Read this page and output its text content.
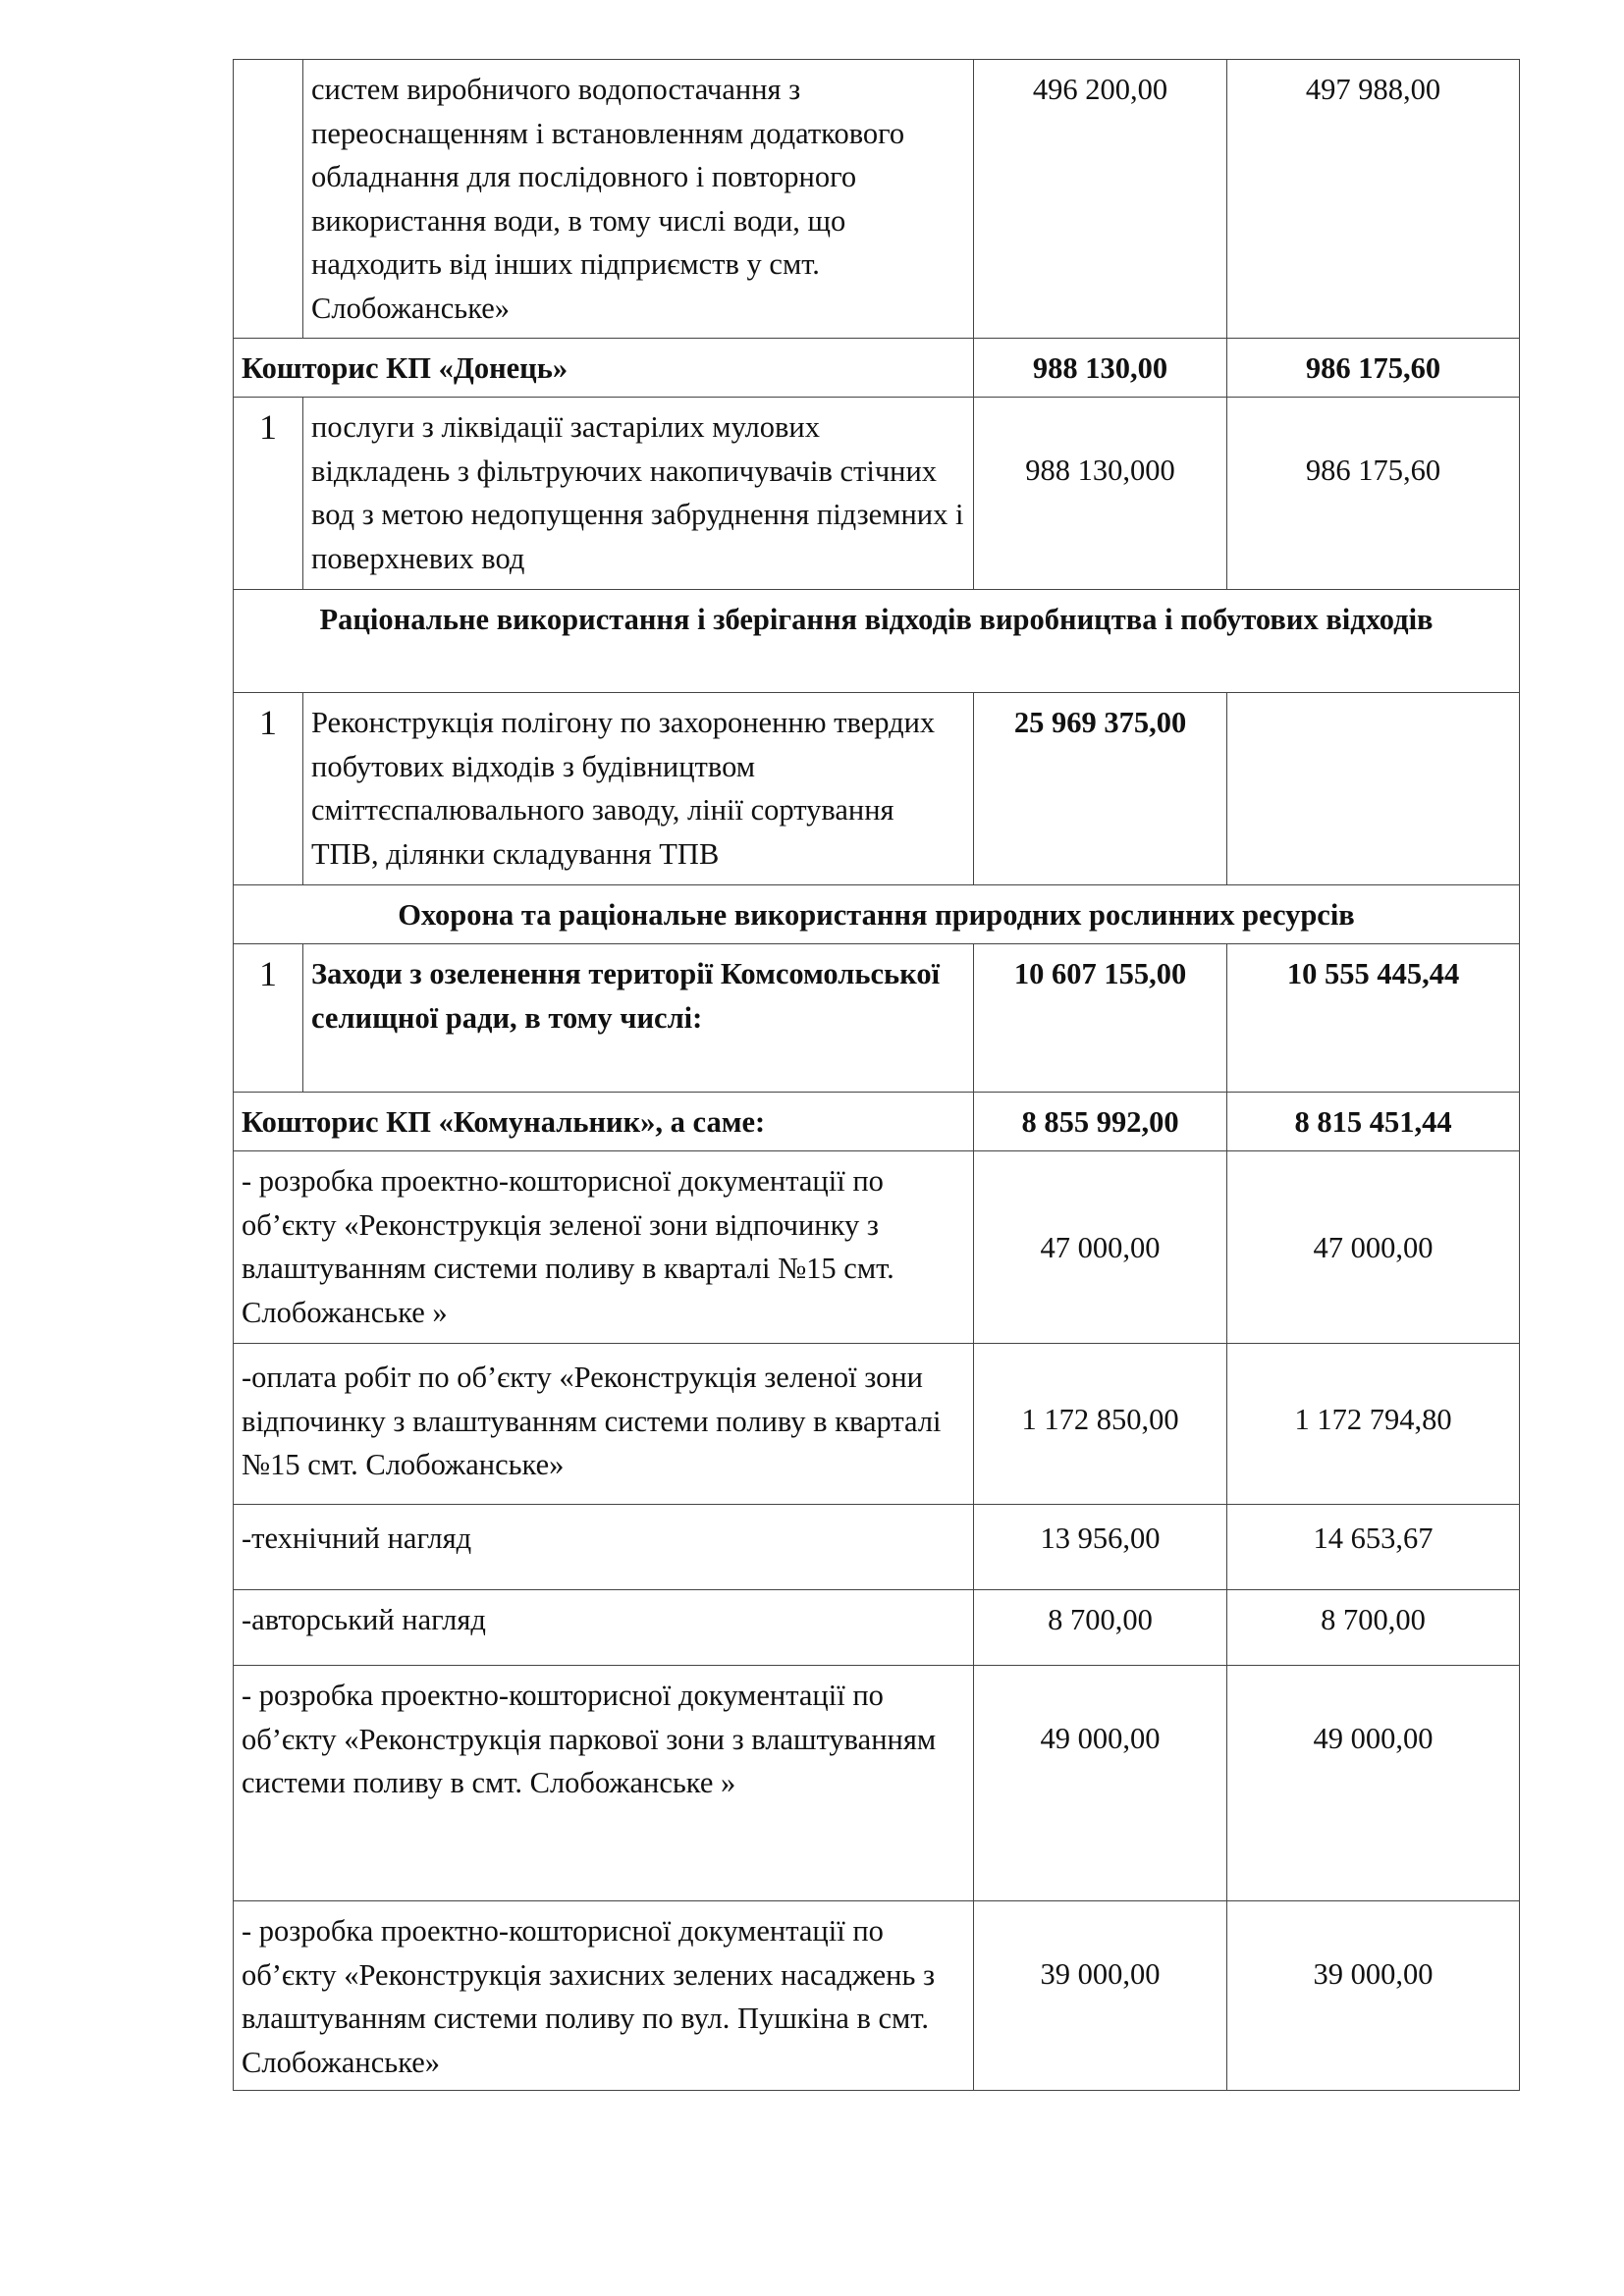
	систем виробничого водопостачання з переоснащенням і встановленням додаткового обладнання для послідовного і повторного використання води, в тому числі води, що надходить від інших підприємств у смт. Слобожанське»	496 200,00	497 988,00
Кошторис КП «Донець»		988 130,00	986 175,60
1	послуги з ліквідації застарілих мулових відкладень з фільтруючих накопичувачів стічних вод з метою недопущення забруднення підземних і поверхневих вод	988 130,000	986 175,60
Раціональне використання і зберігання відходів виробництва і побутових відходів			
1	Реконструкція полігону по захороненню твердих побутових відходів з будівництвом сміттєспалювального заводу, лінії сортування ТПВ, ділянки складування ТПВ	25 969 375,00	
Охорона та раціональне використання природних рослинних ресурсів			
1	Заходи з озеленення території Комсомольської селищної ради, в тому числі:	10 607 155,00	10 555 445,44
Кошторис КП «Комунальник», а саме:		8 855 992,00	8 815 451,44
- розробка проектно-кошторисної документації по об’єкту «Реконструкція зеленої зони відпочинку з влаштуванням системи поливу в кварталі №15 смт. Слобожанське »		47 000,00	47 000,00
-оплата робіт по об’єкту «Реконструкція зеленої зони відпочинку з влаштуванням системи поливу в кварталі №15 смт. Слобожанське»		1 172 850,00	1 172 794,80
-технічний нагляд		13 956,00	14 653,67
-авторський нагляд		8 700,00	8 700,00
- розробка проектно-кошторисної документації по об’єкту «Реконструкція паркової зони з влаштуванням системи поливу в смт. Слобожанське »		49 000,00	49 000,00
- розробка проектно-кошторисної документації по об’єкту «Реконструкція захисних зелених насаджень з влаштуванням системи поливу по вул. Пушкіна в смт. Слобожанське»		39 000,00	39 000,00
